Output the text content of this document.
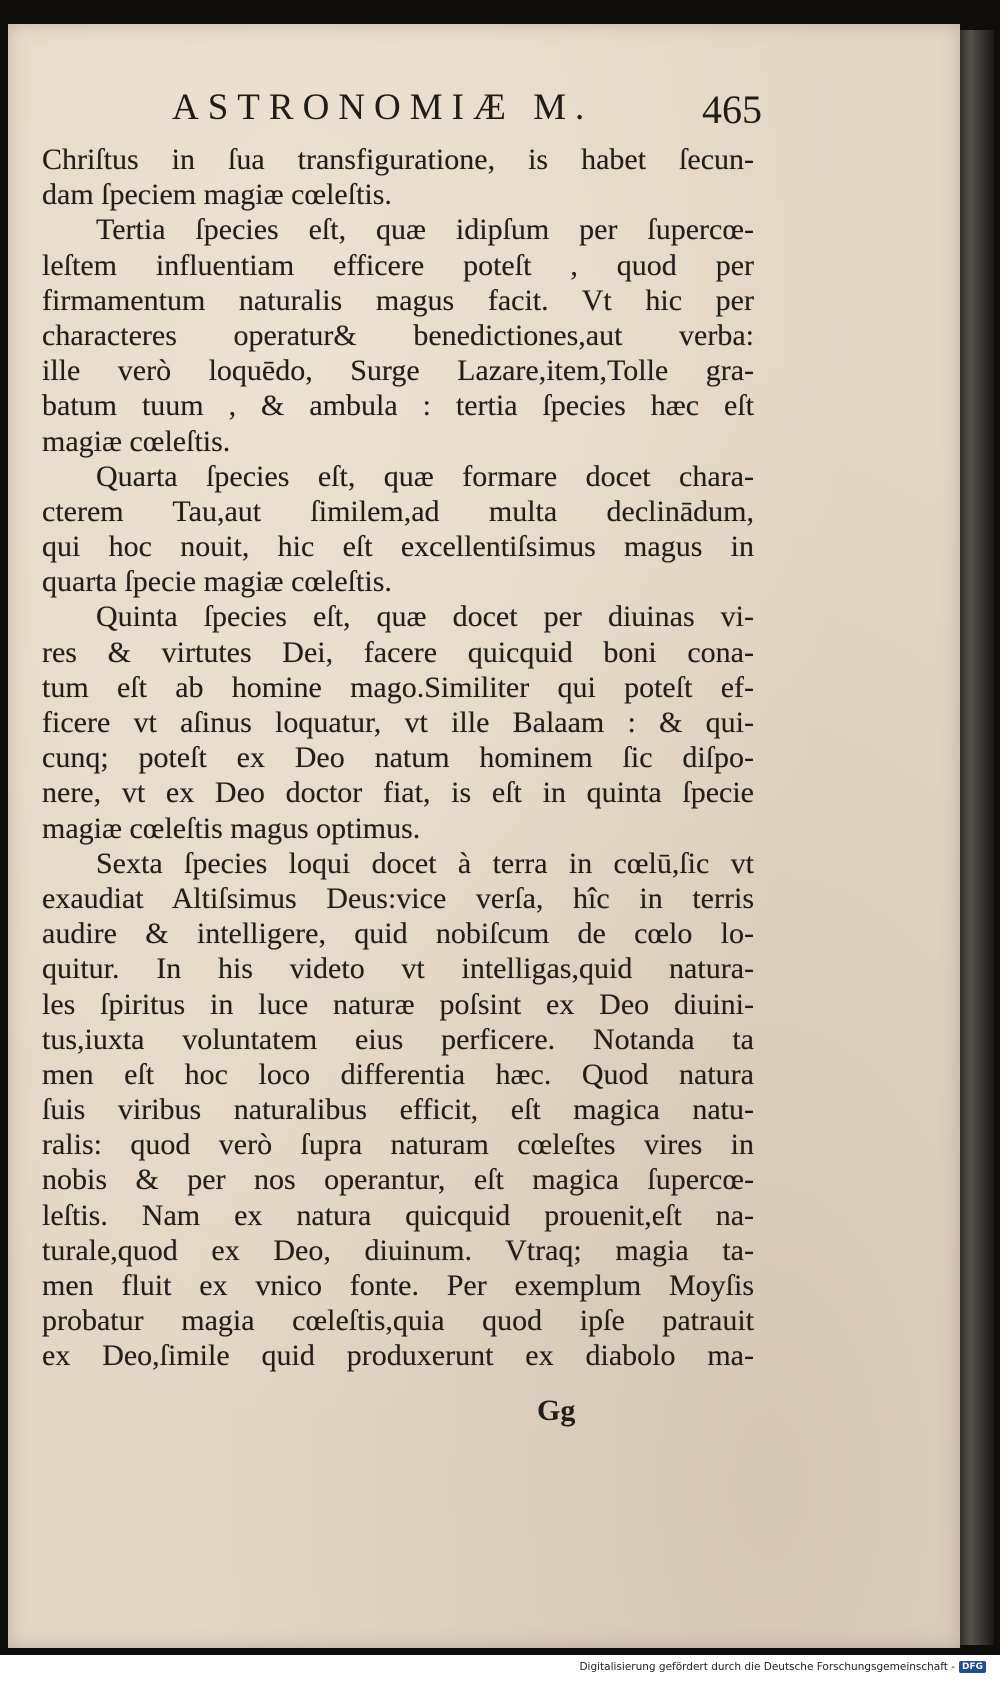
ASTRONOMIÆ M.	465
Chriſtus in ſua transfiguratione, is habet ſecun-
dam ſpeciem magiæ cœleſtis.
Tertia ſpecies eſt, quæ idipſum per ſupercœ-
leſtem influentiam efficere poteſt , quod per
firmamentum naturalis magus facit. Vt hic per
characteres operatur& benedictiones,aut verba:
ille verò loquēdo, Surge Lazare,item,Tolle gra-
batum tuum , & ambula : tertia ſpecies hæc eſt
magiæ cœleſtis.
Quarta ſpecies eſt, quæ formare docet chara-
cterem Tau,aut ſimilem,ad multa declinādum,
qui hoc nouit, hic eſt excellentiſsimus magus in
quarta ſpecie magiæ cœleſtis.
Quinta ſpecies eſt, quæ docet per diuinas vi-
res & virtutes Dei, facere quicquid boni cona-
tum eſt ab homine mago.Similiter qui poteſt ef-
ficere vt aſinus loquatur, vt ille Balaam : & qui-
cunq; poteſt ex Deo natum hominem ſic diſpo-
nere, vt ex Deo doctor fiat, is eſt in quinta ſpecie
magiæ cœleſtis magus optimus.
Sexta ſpecies loqui docet à terra in cœlū,ſic vt
exaudiat Altiſsimus Deus:vice verſa, hîc in terris
audire & intelligere, quid nobiſcum de cœlo lo-
quitur. In his videto vt intelligas,quid natura-
les ſpiritus in luce naturæ poſsint ex Deo diuini-
tus,iuxta voluntatem eius perficere. Notanda ta
men eſt hoc loco differentia hæc. Quod natura
ſuis viribus naturalibus efficit, eſt magica natu-
ralis: quod verò ſupra naturam cœleſtes vires in
nobis & per nos operantur, eſt magica ſupercœ-
leſtis. Nam ex natura quicquid prouenit,eſt na-
turale,quod ex Deo, diuinum. Vtraq; magia ta-
men fluit ex vnico fonte. Per exemplum Moyſis
probatur magia cœleſtis,quia quod ipſe patrauit
ex Deo,ſimile quid produxerunt ex diabolo ma-
Gg
Digitalisierung gefördert durch die Deutsche Forschungsgemeinschaft - DFG
